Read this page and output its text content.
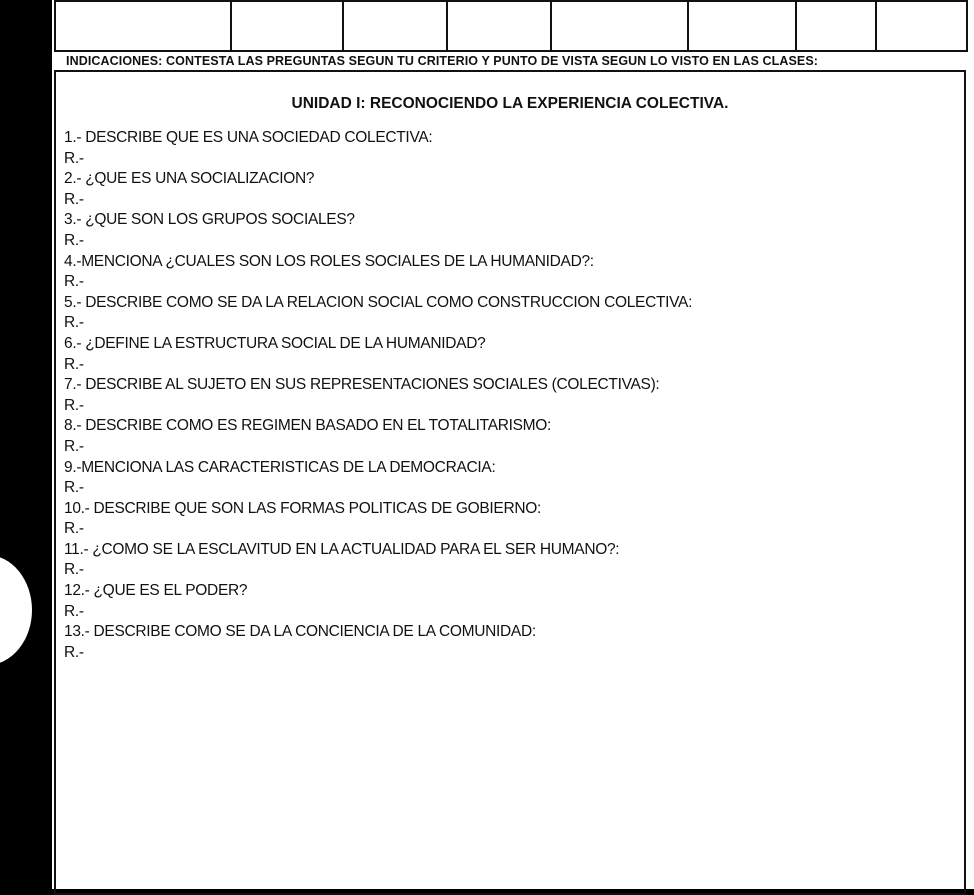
INDICACIONES: CONTESTA LAS PREGUNTAS SEGUN TU CRITERIO Y PUNTO DE VISTA SEGUN LO VISTO EN LAS CLASES:
UNIDAD I: RECONOCIENDO LA EXPERIENCIA COLECTIVA.
1.- DESCRIBE QUE ES UNA SOCIEDAD COLECTIVA:
R.-
2.- ¿QUE ES UNA SOCIALIZACION?
R.-
3.- ¿QUE SON LOS GRUPOS SOCIALES?
R.-
4.-MENCIONA ¿CUALES SON LOS ROLES SOCIALES DE LA HUMANIDAD?:
R.-
5.- DESCRIBE COMO SE DA LA RELACION SOCIAL COMO CONSTRUCCION COLECTIVA:
R.-
6.- ¿DEFINE LA ESTRUCTURA SOCIAL DE LA HUMANIDAD?
R.-
7.- DESCRIBE AL SUJETO EN SUS REPRESENTACIONES SOCIALES (COLECTIVAS):
R.-
8.- DESCRIBE COMO ES REGIMEN BASADO EN EL TOTALITARISMO:
R.-
9.-MENCIONA LAS CARACTERISTICAS DE LA DEMOCRACIA:
R.-
10.- DESCRIBE QUE SON LAS FORMAS POLITICAS DE GOBIERNO:
R.-
11.- ¿COMO SE LA ESCLAVITUD EN LA ACTUALIDAD PARA EL SER HUMANO?:
R.-
12.- ¿QUE ES EL PODER?
R.-
13.- DESCRIBE COMO SE DA LA CONCIENCIA DE LA COMUNIDAD:
R.-
